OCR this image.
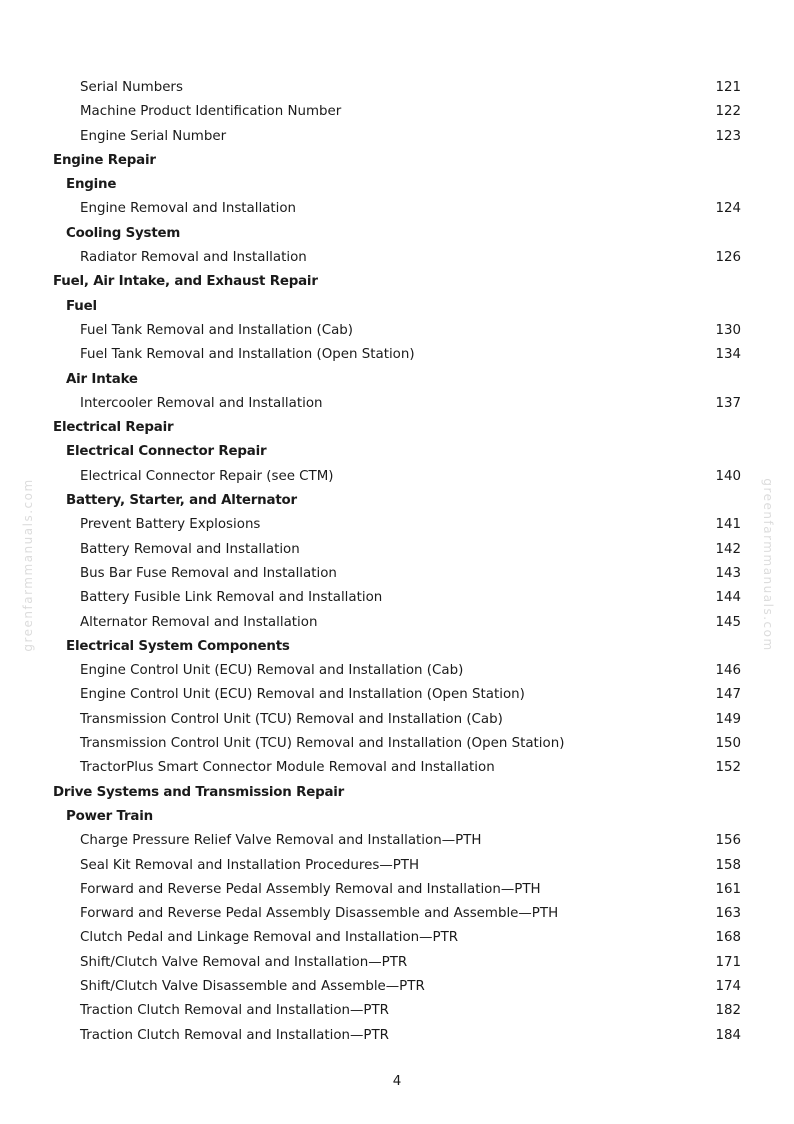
Serial Numbers	121
Machine Product Identification Number	122
Engine Serial Number	123
Engine Repair
Engine
Engine Removal and Installation	124
Cooling System
Radiator Removal and Installation	126
Fuel, Air Intake, and Exhaust Repair
Fuel
Fuel Tank Removal and Installation (Cab)	130
Fuel Tank Removal and Installation (Open Station)	134
Air Intake
Intercooler Removal and Installation	137
Electrical Repair
Electrical Connector Repair
Electrical Connector Repair (see CTM)	140
Battery, Starter, and Alternator
Prevent Battery Explosions	141
Battery Removal and Installation	142
Bus Bar Fuse Removal and Installation	143
Battery Fusible Link Removal and Installation	144
Alternator Removal and Installation	145
Electrical System Components
Engine Control Unit (ECU) Removal and Installation (Cab)	146
Engine Control Unit (ECU) Removal and Installation (Open Station)	147
Transmission Control Unit (TCU) Removal and Installation (Cab)	149
Transmission Control Unit (TCU) Removal and Installation (Open Station)	150
TractorPlus Smart Connector Module Removal and Installation	152
Drive Systems and Transmission Repair
Power Train
Charge Pressure Relief Valve Removal and Installation—PTH	156
Seal Kit Removal and Installation Procedures—PTH	158
Forward and Reverse Pedal Assembly Removal and Installation—PTH	161
Forward and Reverse Pedal Assembly Disassemble and Assemble—PTH	163
Clutch Pedal and Linkage Removal and Installation—PTR	168
Shift/Clutch Valve Removal and Installation—PTR	171
Shift/Clutch Valve Disassemble and Assemble—PTR	174
Traction Clutch Removal and Installation—PTR	182
Traction Clutch Removal and Installation—PTR	184
4
greenfarmmanuals.com	greenfarmmanuals.com
